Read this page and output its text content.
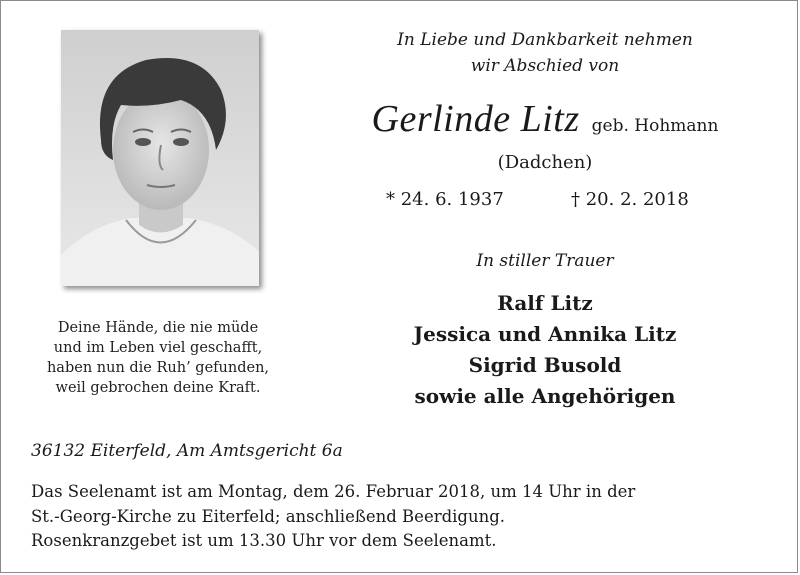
Deine Hände, die nie müde
und im Leben viel geschafft,
haben nun die Ruh’ gefunden,
weil gebrochen deine Kraft.
In Liebe und Dankbarkeit nehmen
wir Abschied von
Gerlinde Litz geb. Hohmann
(Dadchen)
* 24. 6. 1937	† 20. 2. 2018
In stiller Trauer
Ralf Litz
Jessica und Annika Litz
Sigrid Busold
sowie alle Angehörigen
36132 Eiterfeld, Am Amtsgericht 6a
Das Seelenamt ist am Montag, dem 26. Februar 2018, um 14 Uhr in der
St.-Georg-Kirche zu Eiterfeld; anschließend Beerdigung.
Rosenkranzgebet ist um 13.30 Uhr vor dem Seelenamt.
